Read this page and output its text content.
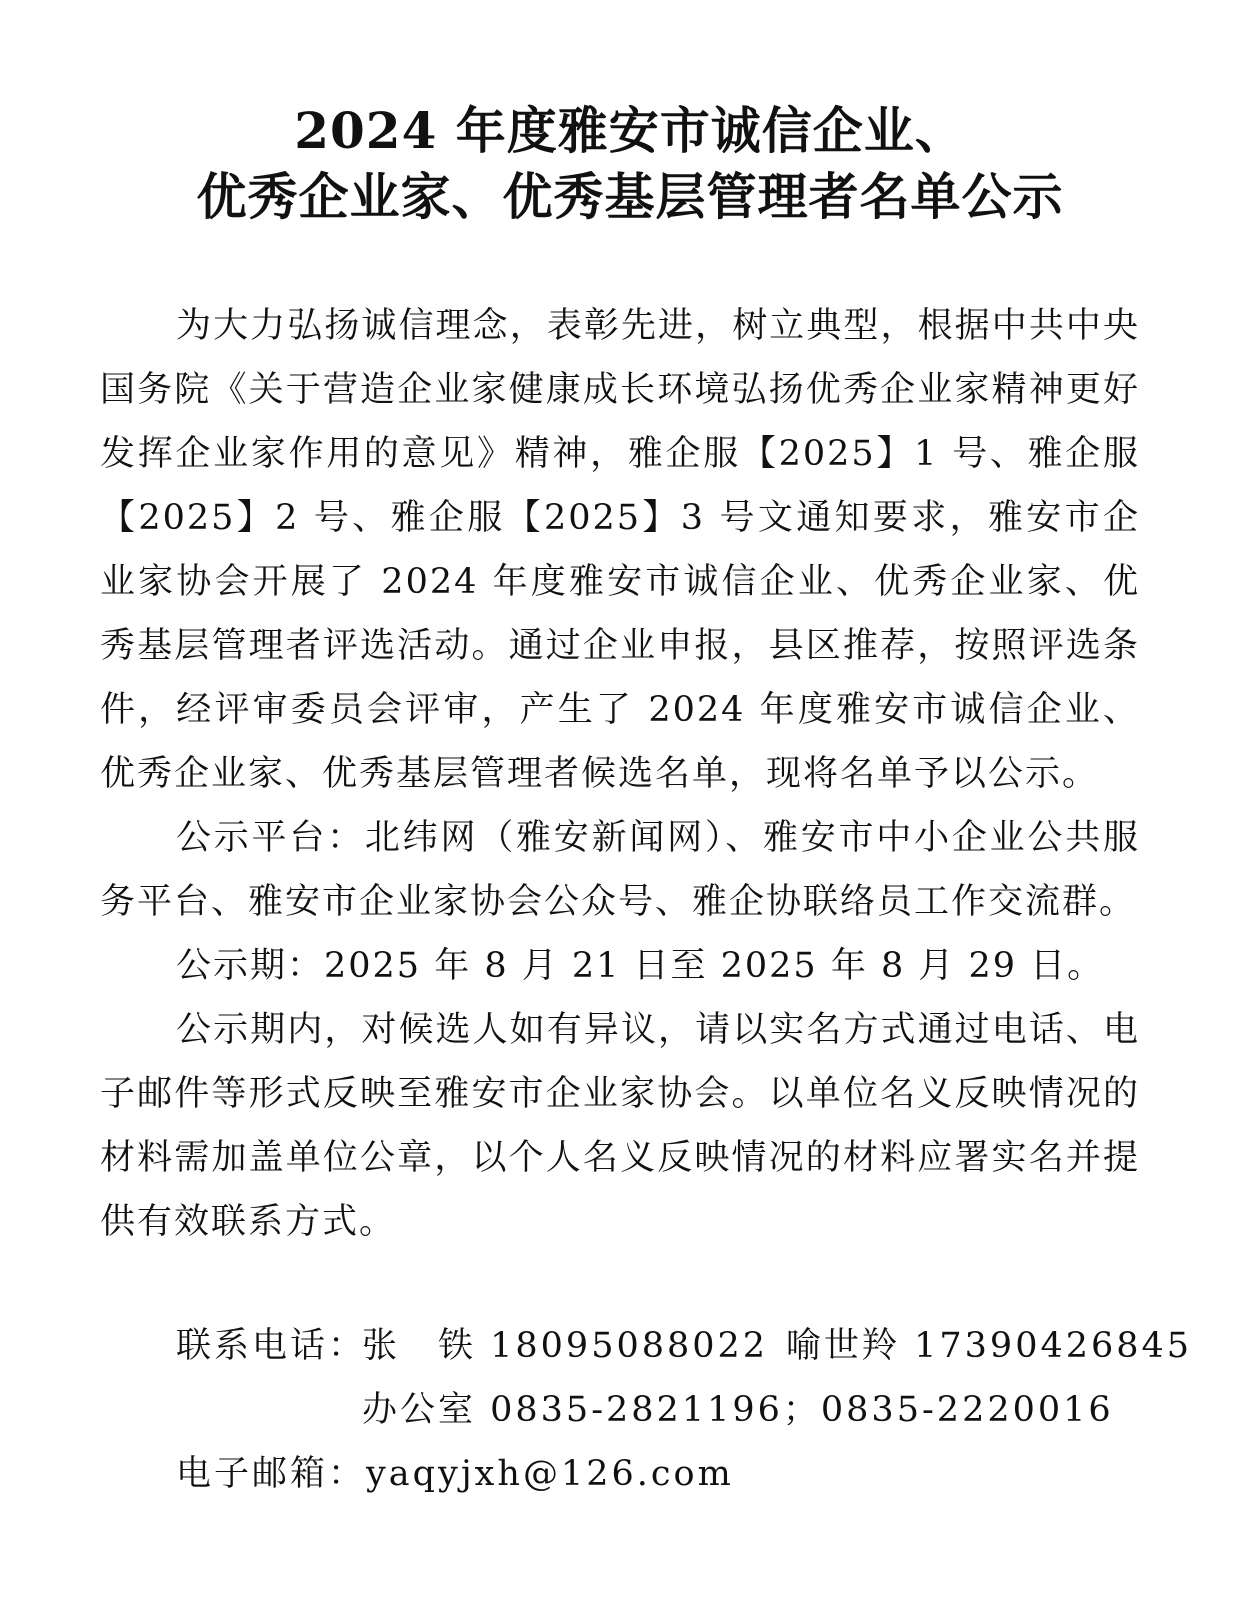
2024 年度雅安市诚信企业、
优秀企业家、优秀基层管理者名单公示

为大力弘扬诚信理念，表彰先进，树立典型，根据中共中央国务院《关于营造企业家健康成长环境弘扬优秀企业家精神更好发挥企业家作用的意见》精神，雅企服【2025】1 号、雅企服【2025】2 号、雅企服【2025】3 号文通知要求，雅安市企业家协会开展了 2024 年度雅安市诚信企业、优秀企业家、优秀基层管理者评选活动。通过企业申报，县区推荐，按照评选条件，经评审委员会评审，产生了 2024 年度雅安市诚信企业、优秀企业家、优秀基层管理者候选名单，现将名单予以公示。

公示平台：北纬网（雅安新闻网）、雅安市中小企业公共服务平台、雅安市企业家协会公众号、雅企协联络员工作交流群。

公示期：2025 年 8 月 21 日至 2025 年 8 月 29 日。

公示期内，对候选人如有异议，请以实名方式通过电话、电子邮件等形式反映至雅安市企业家协会。以单位名义反映情况的材料需加盖单位公章，以个人名义反映情况的材料应署实名并提供有效联系方式。

联系电话：
张　铁 18095088022 喻世羚 17390426845
办公室 0835-2821196；0835-2220016
电子邮箱：yaqyjxh@126.com
